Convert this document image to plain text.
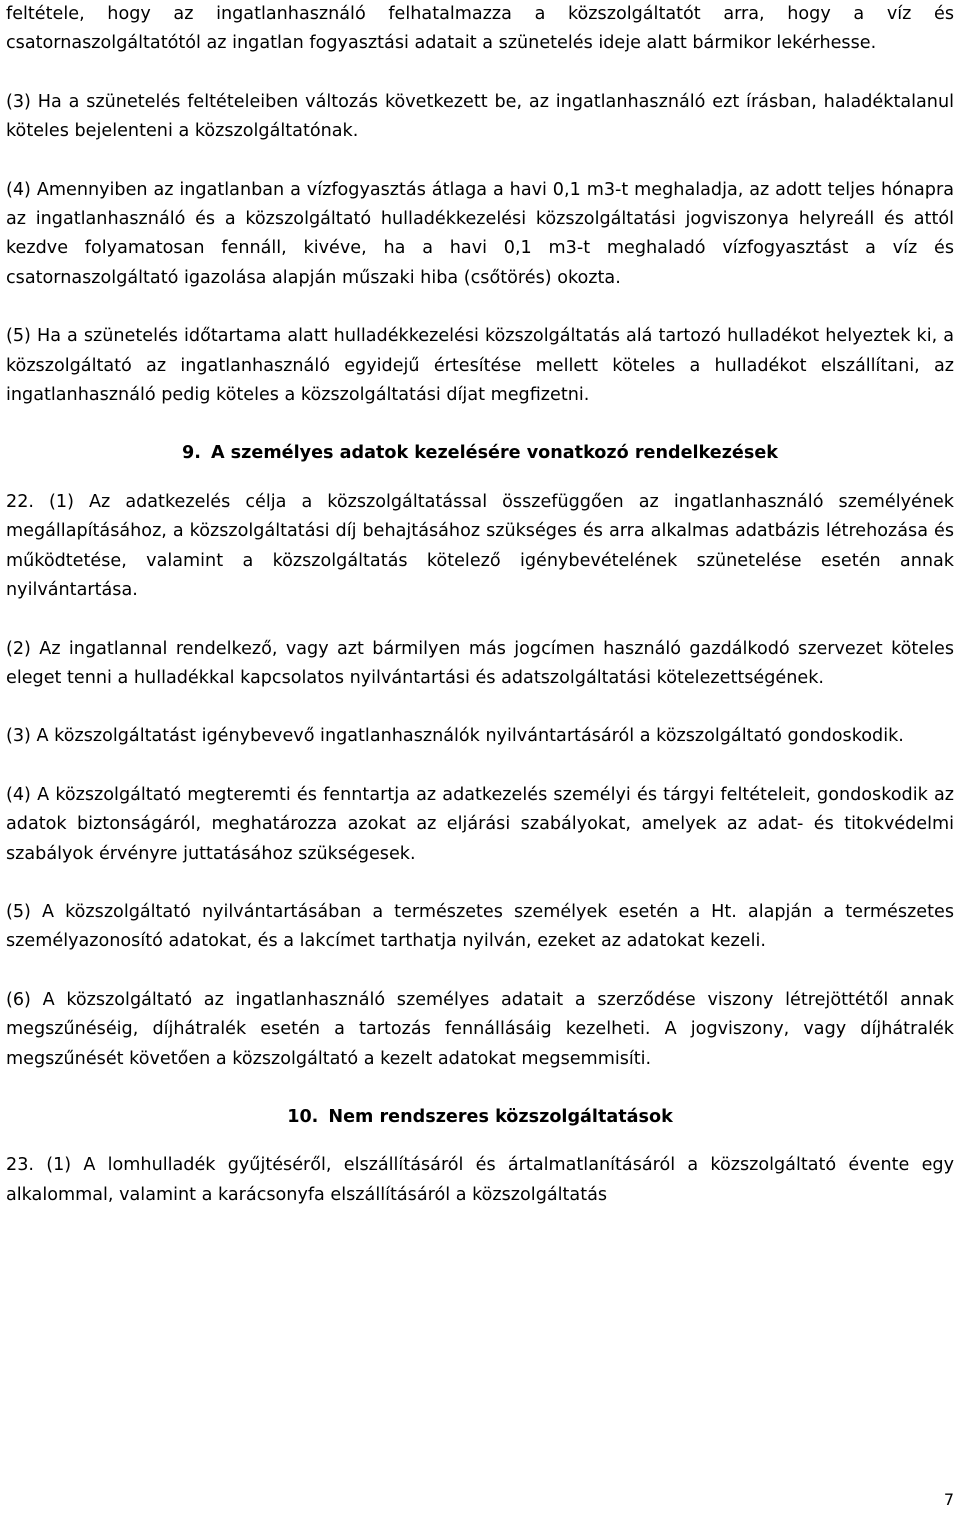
feltétele, hogy az ingatlanhasználó felhatalmazza a közszolgáltatót arra, hogy a víz és csatornaszolgáltatótól az ingatlan fogyasztási adatait a szünetelés ideje alatt bármikor lekérhesse.

(3) Ha a szünetelés feltételeiben változás következett be, az ingatlanhasználó ezt írásban, haladéktalanul köteles bejelenteni a közszolgáltatónak.

(4) Amennyiben az ingatlanban a vízfogyasztás átlaga a havi 0,1 m3-t meghaladja, az adott teljes hónapra az ingatlanhasználó és a közszolgáltató hulladékkezelési közszolgáltatási jogviszonya helyreáll és attól kezdve folyamatosan fennáll, kivéve, ha a havi 0,1 m3-t meghaladó vízfogyasztást a víz és csatornaszolgáltató igazolása alapján műszaki hiba (csőtörés) okozta.

(5) Ha a szünetelés időtartama alatt hulladékkezelési közszolgáltatás alá tartozó hulladékot helyeztek ki, a közszolgáltató az ingatlanhasználó egyidejű értesítése mellett köteles a hulladékot elszállítani, az ingatlanhasználó pedig köteles a közszolgáltatási díjat megfizetni.

9. A személyes adatok kezelésére vonatkozó rendelkezések

22. (1) Az adatkezelés célja a közszolgáltatással összefüggően az ingatlanhasználó személyének megállapításához, a közszolgáltatási díj behajtásához szükséges és arra alkalmas adatbázis létrehozása és működtetése, valamint a közszolgáltatás kötelező igénybevételének szünetelése esetén annak nyilvántartása.

(2) Az ingatlannal rendelkező, vagy azt bármilyen más jogcímen használó gazdálkodó szervezet köteles eleget tenni a hulladékkal kapcsolatos nyilvántartási és adatszolgáltatási kötelezettségének.

(3) A közszolgáltatást igénybevevő ingatlanhasználók nyilvántartásáról a közszolgáltató gondoskodik.

(4) A közszolgáltató megteremti és fenntartja az adatkezelés személyi és tárgyi feltételeit, gondoskodik az adatok biztonságáról, meghatározza azokat az eljárási szabályokat, amelyek az adat- és titokvédelmi szabályok érvényre juttatásához szükségesek.

(5) A közszolgáltató nyilvántartásában a természetes személyek esetén a Ht. alapján a természetes személyazonosító adatokat, és a lakcímet tarthatja nyilván, ezeket az adatokat kezeli.

(6) A közszolgáltató az ingatlanhasználó személyes adatait a szerződése viszony létrejöttétől annak megszűnéséig, díjhátralék esetén a tartozás fennállásáig kezelheti. A jogviszony, vagy díjhátralék megszűnését követően a közszolgáltató a kezelt adatokat megsemmisíti.

10. Nem rendszeres közszolgáltatások

23. (1) A lomhulladék gyűjtéséről, elszállításáról és ártalmatlanításáról a közszolgáltató évente egy alkalommal, valamint a karácsonyfa elszállításáról a közszolgáltatás

7
